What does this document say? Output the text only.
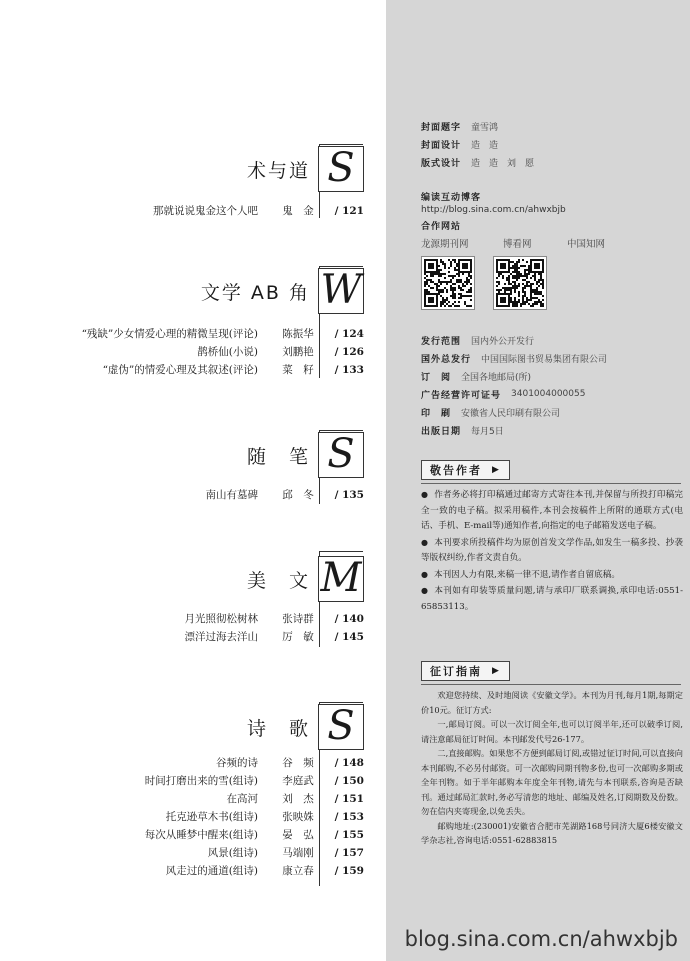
术与道 S
那就说说鬼金这个人吧	鬼　金	/ 121
文学 AB 角 W
“残缺”少女情爱心理的精微呈现(评论)	陈振华	/ 124
鹊桥仙(小说)	刘鹏艳	/ 126
“虚伪”的情爱心理及其叙述(评论)	菜　籽	/ 133
随　笔 S
南山有墓碑	邱　冬	/ 135
美　文 M
月光照彻松树林	张诗群	/ 140
漂洋过海去洋山	厉　敏	/ 145
诗　歌 S
谷频的诗	谷　频	/ 148
时间打磨出来的雪(组诗)	李庭武	/ 150
在高河	刘　杰	/ 151
托克逊草木书(组诗)	张映姝	/ 153
每次从睡梦中醒来(组诗)	晏　弘	/ 155
风景(组诗)	马端刚	/ 157
风走过的通道(组诗)	康立春	/ 159
封面题字 童雪鸿
封面设计 造　造
版式设计 造　造　刘　愿
编读互动博客
http://blog.sina.com.cn/ahwxbjb
合作网站
龙源期刊网	博看网	中国知网
发行范围 国内外公开发行
国外总发行 中国国际图书贸易集团有限公司
订　阅 全国各地邮局(所)
广告经营许可证号 3401004000055
印　刷 安徽省人民印刷有限公司
出版日期 每月5日
敬告作者 ▶

● 作者务必将打印稿通过邮寄方式寄往本刊,并保留与所投打印稿完全一致的电子稿。拟采用稿件,本刊会按稿件上所附的通联方式(电话、手机、E-mail等)通知作者,向指定的电子邮箱发送电子稿。

● 本刊要求所投稿件均为原创首发文学作品,如发生一稿多投、抄袭等版权纠纷,作者文责自负。

● 本刊因人力有限,来稿一律不退,请作者自留底稿。

● 本刊如有印装等质量问题,请与承印厂联系调换,承印电话:0551-65853113。

征订指南 ▶

欢迎您持续、及时地阅读《安徽文学》。本刊为月刊,每月1期,每期定价10元。征订方式:

一,邮局订阅。可以一次订阅全年,也可以订阅半年,还可以破季订阅,请注意邮局征订时间。本刊邮发代号26-177。

二,直接邮购。如果您不方便到邮局订阅,或错过征订时间,可以直接向本刊邮购,不必另付邮资。可一次邮购同期刊物多份,也可一次邮购多期或全年刊物。如于半年邮购本年度全年刊物,请先与本刊联系,咨询是否缺刊。通过邮局汇款时,务必写清您的地址、邮编及姓名,订阅期数及份数。勿在信内夹寄现金,以免丢失。

邮购地址:(230001)安徽省合肥市芜湖路168号同济大厦6楼安徽文学杂志社,咨询电话:0551-62883815

blog.sina.com.cn/ahwxbjb
